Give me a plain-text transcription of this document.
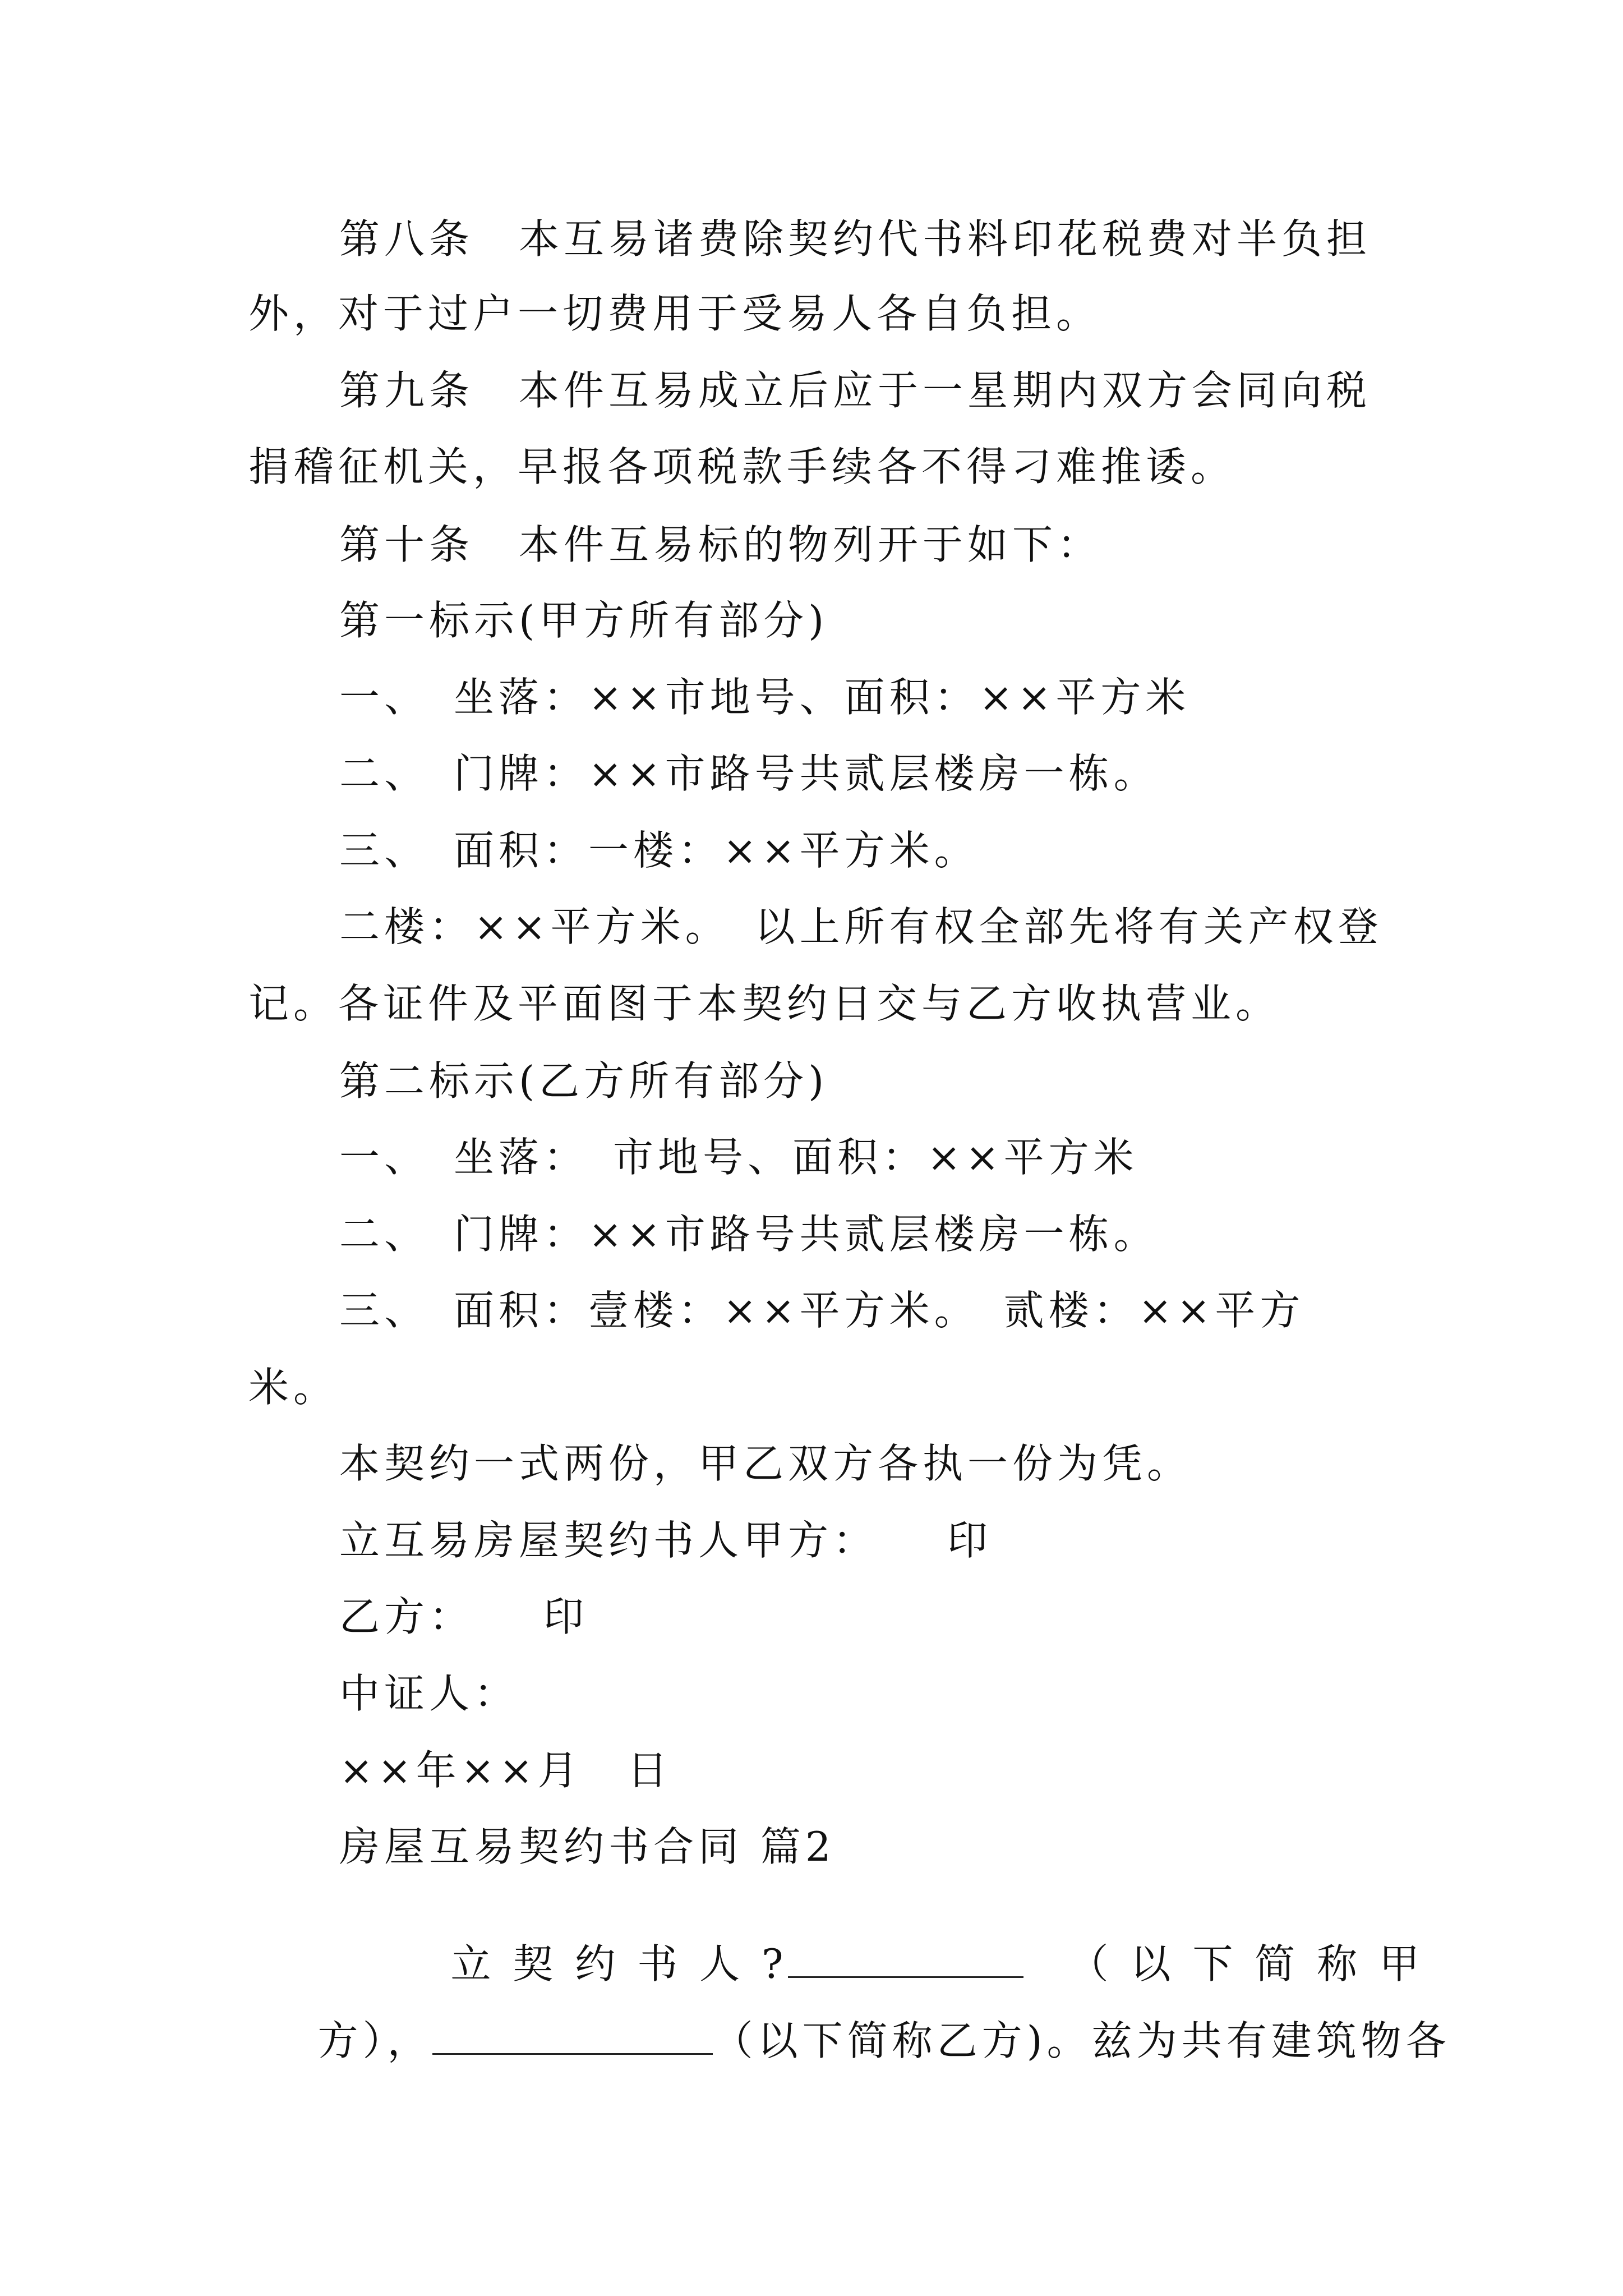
第八条　本互易诸费除契约代书料印花税费对半负担
外，对于过户一切费用于受易人各自负担。
第九条　本件互易成立后应于一星期内双方会同向税
捐稽征机关，早报各项税款手续各不得刁难推诿。
第十条　本件互易标的物列开于如下：
第一标示(甲方所有部分)
一、　坐落：××市地号、面积：××平方米
二、　门牌：××市路号共贰层楼房一栋。
三、　面积：一楼：××平方米。
二楼：××平方米。　以上所有权全部先将有关产权登
记。各证件及平面图于本契约日交与乙方收执营业。
第二标示(乙方所有部分)
一、　坐落：　市地号、面积：××平方米
二、　门牌：××市路号共贰层楼房一栋。
三、　面积：壹楼：××平方米。　贰楼：××平方
米。
本契约一式两份，甲乙双方各执一份为凭。
立互易房屋契约书人甲方：　　印
乙方：　　印
中证人：
××年××月　日
房屋互易契约书合同 篇2

立 契 约 书 人 ?	（ 以 下 简 称 甲

方），	（以下简称乙方)。兹为共有建筑物各
